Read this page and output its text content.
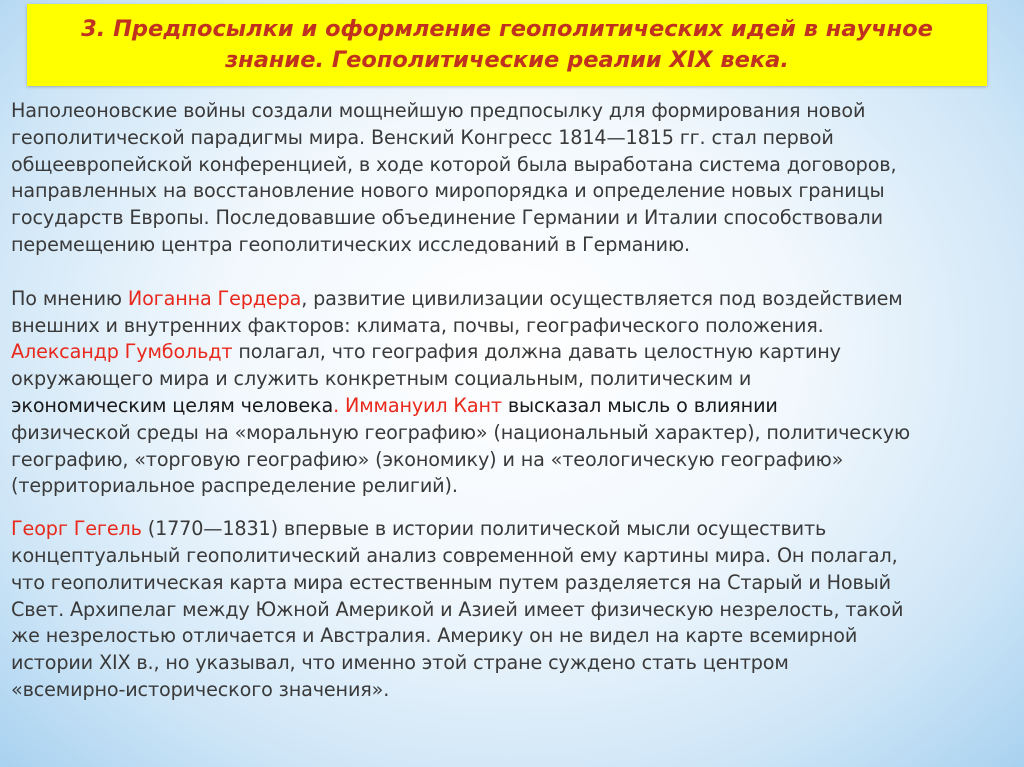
3. Предпосылки и оформление геополитических идей в научное
знание. Геополитические реалии XIX века.
Наполеоновские войны создали мощнейшую предпосылку для формирования новой
геополитической парадигмы мира. Венский Конгресс 1814—1815 гг. стал первой
общеевропейской конференцией, в ходе которой была выработана система договоров,
направленных на восстановление нового миропорядка и определение новых границы
государств Европы. Последовавшие объединение Германии и Италии способствовали
перемещению центра геополитических исследований в Германию.
По мнению Иоганна Гердера, развитие цивилизации осуществляется под воздействием
внешних и внутренних факторов: климата, почвы, географического положения.
Александр Гумбольдт полагал, что география должна давать целостную картину
окружающего мира и служить конкретным социальным, политическим и
экономическим целям человека. Иммануил Кант высказал мысль о влиянии
физической среды на «моральную географию» (национальный характер), политическую
географию, «торговую географию» (экономику) и на «теологическую географию»
(территориальное распределение религий).
Георг Гегель (1770—1831) впервые в истории политической мысли осуществить
концептуальный геополитический анализ современной ему картины мира. Он полагал,
что геополитическая карта мира естественным путем разделяется на Старый и Новый
Свет. Архипелаг между Южной Америкой и Азией имеет физическую незрелость, такой
же незрелостью отличается и Австралия. Америку он не видел на карте всемирной
истории XIX в., но указывал, что именно этой стране суждено стать центром
«всемирно-исторического значения».
